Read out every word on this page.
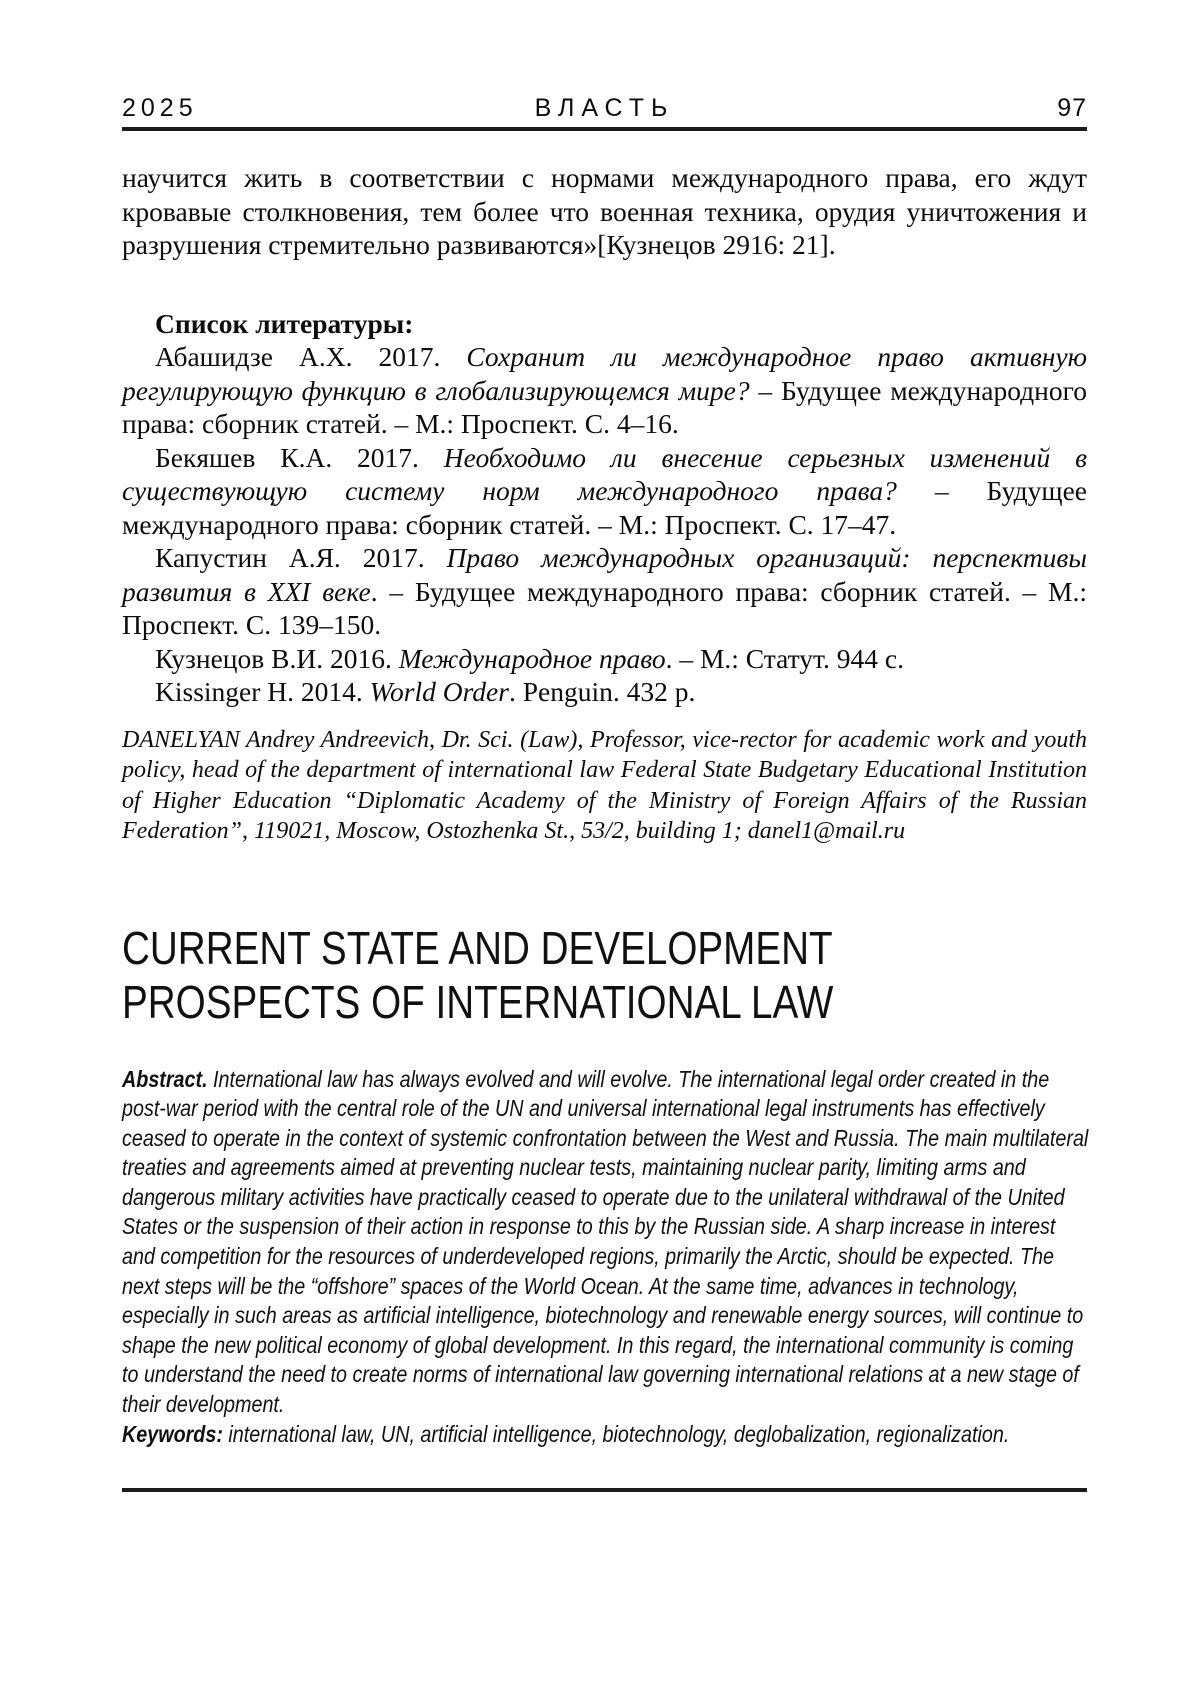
2025	ВЛАСТЬ	97

научится жить в соответствии с нормами международного права, его ждут кровавые столкновения, тем более что военная техника, орудия уничтожения и разрушения стремительно развиваются»[Кузнецов 2916: 21].

Список литературы:

Абашидзе А.Х. 2017. Сохранит ли международное право активную регулирующую функцию в глобализирующемся мире? – Будущее международного права: сборник статей. – М.: Проспект. С. 4–16.

Бекяшев К.А. 2017. Необходимо ли внесение серьезных изменений в существующую систему норм международного права? – Будущее международного права: сборник статей. – М.: Проспект. С. 17–47.

Капустин А.Я. 2017. Право международных организаций: перспективы развития в XXI веке. – Будущее международного права: сборник статей. – М.: Проспект. С. 139–150.

Кузнецов В.И. 2016. Международное право. – М.: Статут. 944 с.

Kissinger H. 2014. World Order. Penguin. 432 p.

DANELYAN Andrey Andreevich, Dr. Sci. (Law), Professor, vice-rector for academic work and youth policy, head of the department of international law Federal State Budgetary Educational Institution of Higher Education “Diplomatic Academy of the Ministry of Foreign Affairs of the Russian Federation”, 119021, Moscow, Ostozhenka St., 53/2, building 1; danel1@mail.ru

CURRENT STATE AND DEVELOPMENT PROSPECTS OF INTERNATIONAL LAW

Abstract. International law has always evolved and will evolve. The international legal order created in the post-war period with the central role of the UN and universal international legal instruments has effectively ceased to operate in the context of systemic confrontation between the West and Russia. The main multilateral treaties and agreements aimed at preventing nuclear tests, maintaining nuclear parity, limiting arms and dangerous military activities have practically ceased to operate due to the unilateral withdrawal of the United States or the suspension of their action in response to this by the Russian side. A sharp increase in interest and competition for the resources of underdeveloped regions, primarily the Arctic, should be expected. The next steps will be the “offshore” spaces of the World Ocean. At the same time, advances in technology, especially in such areas as artificial intelligence, biotechnology and renewable energy sources, will continue to shape the new political economy of global development. In this regard, the international community is coming to understand the need to create norms of international law governing international relations at a new stage of their development.

Keywords: international law, UN, artificial intelligence, biotechnology, deglobalization, regionalization.
